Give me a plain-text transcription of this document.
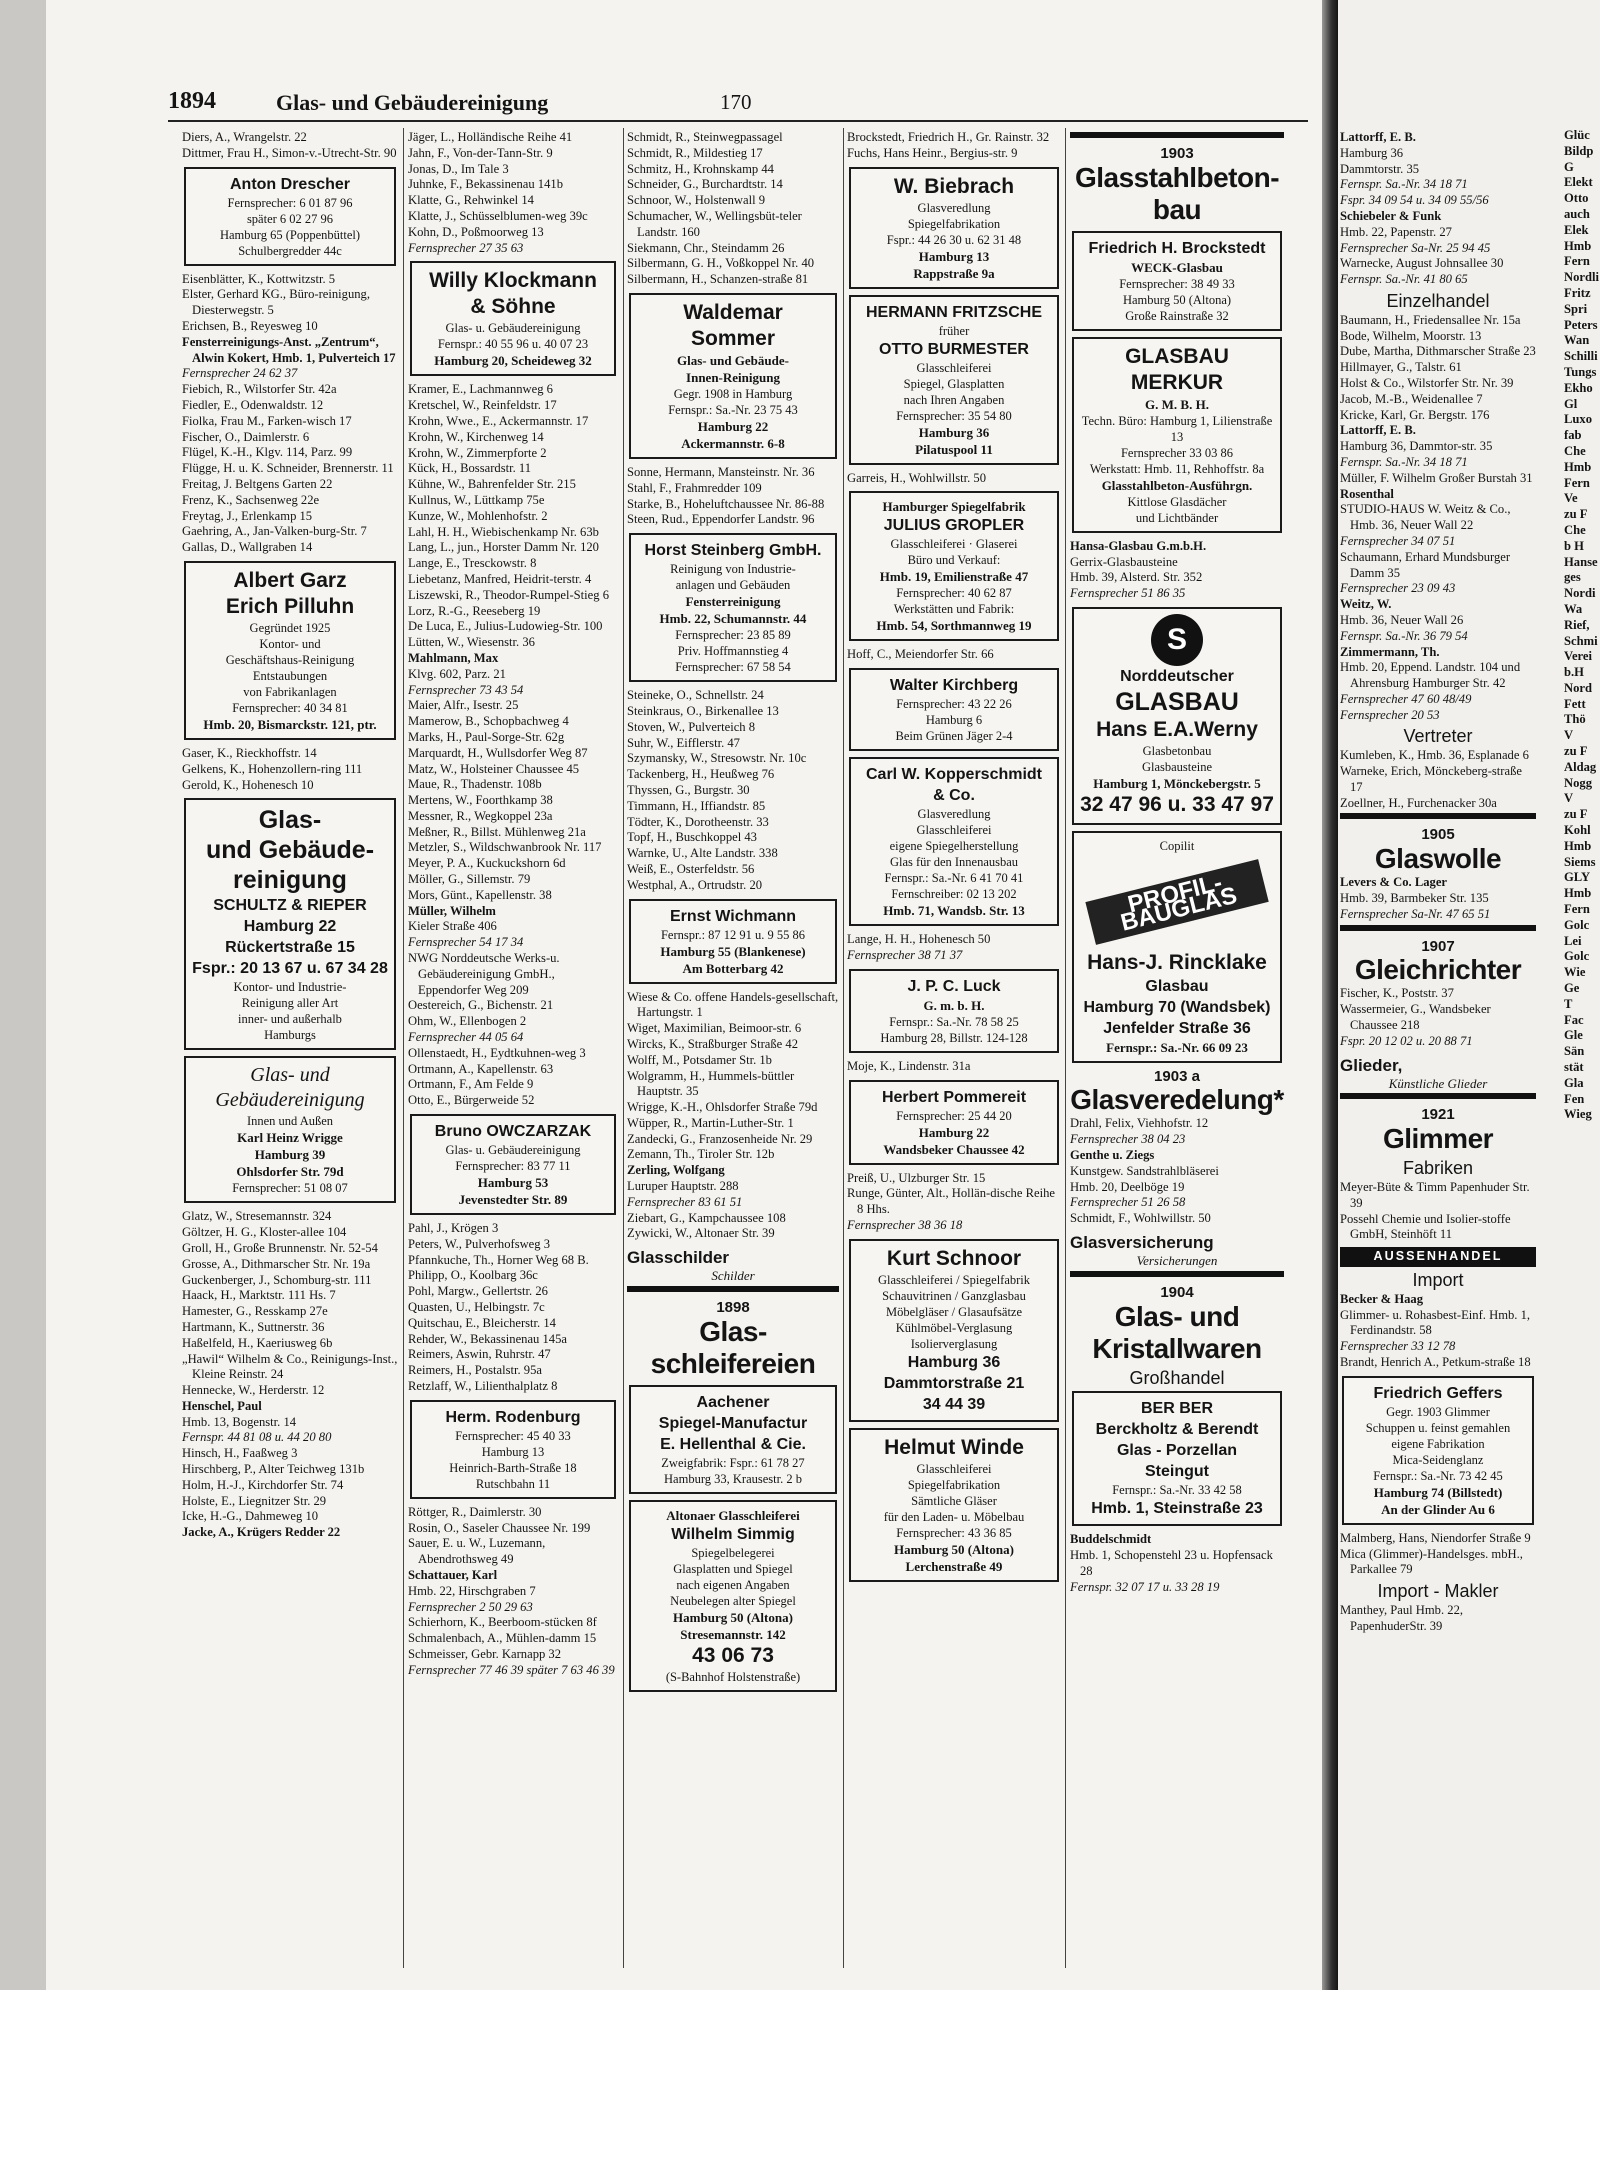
1894	Glas- und Gebäudereinigung	170

Diers, A., Wrangelstr. 22

Dittmer, Frau H., Simon-v.-Utrecht-Str. 90

Anton Drescher
Fernsprecher: 6 01 87 96
später 6 02 27 96
Hamburg 65 (Poppenbüttel)
Schulbergredder 44c

Eisenblätter, K., Kottwitzstr. 5

Elster, Gerhard KG., Büro-reinigung, Diesterwegstr. 5

Erichsen, B., Reyesweg 10

Fensterreinigungs-Anst. „Zentrum“, Alwin Kokert, Hmb. 1, Pulverteich 17

Fernsprecher 24 62 37

Fiebich, R., Wilstorfer Str. 42a

Fiedler, E., Odenwaldstr. 12

Fiolka, Frau M., Farken-wisch 17

Fischer, O., Daimlerstr. 6

Flügel, K.-H., Klgv. 114, Parz. 99

Flügge, H. u. K. Schneider, Brennerstr. 11

Freitag, J. Beltgens Garten 22

Frenz, K., Sachsenweg 22e

Freytag, J., Erlenkamp 15

Gaehring, A., Jan-Valken-burg-Str. 7

Gallas, D., Wallgraben 14

Albert Garz
Erich Pilluhn
Gegründet 1925
Kontor- und
Geschäftshaus-Reinigung
Entstaubungen
von Fabrikanlagen
Fernsprecher: 40 34 81
Hmb. 20, Bismarckstr. 121, ptr.

Gaser, K., Rieckhoffstr. 14

Gelkens, K., Hohenzollern-ring 111

Gerold, K., Hohenesch 10

Glas-
und Gebäude-
reinigung
SCHULTZ & RIEPER
Hamburg 22
Rückertstraße 15
Fspr.: 20 13 67 u. 67 34 28
Kontor- und Industrie-
Reinigung aller Art
inner- und außerhalb
Hamburgs
Glas- und
Gebäudereinigung
Innen und Außen
Karl Heinz Wrigge
Hamburg 39
Ohlsdorfer Str. 79d
Fernsprecher: 51 08 07

Glatz, W., Stresemannstr. 324

Göltzer, H. G., Kloster-allee 104

Groll, H., Große Brunnenstr. Nr. 52-54

Grosse, A., Dithmarscher Str. Nr. 19a

Guckenberger, J., Schomburg-str. 111

Haack, H., Marktstr. 111 Hs. 7

Hamester, G., Resskamp 27e

Hartmann, K., Suttnerstr. 36

Haßelfeld, H., Kaeriusweg 6b

„Hawil“ Wilhelm & Co., Reinigungs-Inst., Kleine Reinstr. 24

Hennecke, W., Herderstr. 12

Henschel, Paul

Hmb. 13, Bogenstr. 14

Fernspr. 44 81 08 u. 44 20 80

Hinsch, H., Faaßweg 3

Hirschberg, P., Alter Teichweg 131b

Holm, H.-J., Kirchdorfer Str. 74

Holste, E., Liegnitzer Str. 29

Icke, H.-G., Dahmeweg 10

Jacke, A., Krügers Redder 22

Jäger, L., Holländische Reihe 41

Jahn, F., Von-der-Tann-Str. 9

Jonas, D., Im Tale 3

Juhnke, F., Bekassinenau 141b

Klatte, G., Rehwinkel 14

Klatte, J., Schüsselblumen-weg 39c

Kohn, D., Poßmoorweg 13

Fernsprecher 27 35 63

Willy Klockmann
& Söhne
Glas- u. Gebäudereinigung
Fernspr.: 40 55 96 u. 40 07 23
Hamburg 20, Scheideweg 32

Kramer, E., Lachmannweg 6

Kretschel, W., Reinfeldstr. 17

Krohn, Wwe., E., Ackermannstr. 17

Krohn, W., Kirchenweg 14

Krohn, W., Zimmerpforte 2

Kück, H., Bossardstr. 11

Kühne, W., Bahrenfelder Str. 215

Kullnus, W., Lüttkamp 75e

Kunze, W., Mohlenhofstr. 2

Lahl, H. H., Wiebischenkamp Nr. 63b

Lang, L., jun., Horster Damm Nr. 120

Lange, E., Tresckowstr. 8

Liebetanz, Manfred, Heidrit-terstr. 4

Liszewski, R., Theodor-Rumpel-Stieg 6

Lorz, R.-G., Reeseberg 19

De Luca, E., Julius-Ludowieg-Str. 100

Lütten, W., Wiesenstr. 36

Mahlmann, Max

Klvg. 602, Parz. 21

Fernsprecher 73 43 54

Maier, Alfr., Isestr. 25

Mamerow, B., Schopbachweg 4

Marks, H., Paul-Sorge-Str. 62g

Marquardt, H., Wullsdorfer Weg 87

Matz, W., Holsteiner Chaussee 45

Maue, R., Thadenstr. 108b

Mertens, W., Foorthkamp 38

Messner, R., Wegkoppel 23a

Meßner, R., Billst. Mühlenweg 21a

Metzler, S., Wildschwanbrook Nr. 117

Meyer, P. A., Kuckuckshorn 6d

Möller, G., Sillemstr. 79

Mors, Günt., Kapellenstr. 38

Müller, Wilhelm

Kieler Straße 406

Fernsprecher 54 17 34

NWG Norddeutsche Werks-u. Gebäudereinigung GmbH., Eppendorfer Weg 209

Oestereich, G., Bichenstr. 21

Ohm, W., Ellenbogen 2

Fernsprecher 44 05 64

Ollenstaedt, H., Eydtkuhnen-weg 3

Ortmann, A., Kapellenstr. 63

Ortmann, F., Am Felde 9

Otto, E., Bürgerweide 52

Bruno OWCZARZAK
Glas- u. Gebäudereinigung
Fernsprecher: 83 77 11
Hamburg 53
Jevenstedter Str. 89

Pahl, J., Krögen 3

Peters, W., Pulverhofsweg 3

Pfannkuche, Th., Horner Weg 68 B.

Philipp, O., Koolbarg 36c

Pohl, Margw., Gellertstr. 26

Quasten, U., Helbingstr. 7c

Quitschau, E., Bleicherstr. 14

Rehder, W., Bekassinenau 145a

Reimers, Aswin, Ruhrstr. 47

Reimers, H., Postalstr. 95a

Retzlaff, W., Lilienthalplatz 8

Herm. Rodenburg
Fernsprecher: 45 40 33
Hamburg 13
Heinrich-Barth-Straße 18
Rutschbahn 11

Röttger, R., Daimlerstr. 30

Rosin, O., Saseler Chaussee Nr. 199

Sauer, E. u. W., Luzemann, Abendrothsweg 49

Schattauer, Karl

Hmb. 22, Hirschgraben 7

Fernsprecher 2 50 29 63

Schierhorn, K., Beerboom-stücken 8f

Schmalenbach, A., Mühlen-damm 15

Schmeisser, Gebr. Karnapp 32

Fernsprecher 77 46 39 später 7 63 46 39

Schmidt, R., Steinwegpassagel

Schmidt, R., Mildestieg 17

Schmitz, H., Krohnskamp 44

Schneider, G., Burchardtstr. 14

Schnoor, W., Holstenwall 9

Schumacher, W., Wellingsbüt-teler Landstr. 160

Siekmann, Chr., Steindamm 26

Silbermann, G. H., Voßkoppel Nr. 40

Silbermann, H., Schanzen-straße 81

Waldemar
Sommer
Glas- und Gebäude-
Innen-Reinigung
Gegr. 1908 in Hamburg
Fernspr.: Sa.-Nr. 23 75 43
Hamburg 22
Ackermannstr. 6-8

Sonne, Hermann, Mansteinstr. Nr. 36

Stahl, F., Frahmredder 109

Starke, B., Hoheluftchaussee Nr. 86-88

Steen, Rud., Eppendorfer Landstr. 96

Horst Steinberg GmbH.
Reinigung von Industrie-
anlagen und Gebäuden
Fensterreinigung
Hmb. 22, Schumannstr. 44
Fernsprecher: 23 85 89
Priv. Hoffmannstieg 4
Fernsprecher: 67 58 54

Steineke, O., Schnellstr. 24

Steinkraus, O., Birkenallee 13

Stoven, W., Pulverteich 8

Suhr, W., Eifflerstr. 47

Szymansky, W., Stresowstr. Nr. 10c

Tackenberg, H., Heußweg 76

Thyssen, G., Burgstr. 30

Timmann, H., Iffiandstr. 85

Tödter, K., Dorotheenstr. 33

Topf, H., Buschkoppel 43

Warnke, U., Alte Landstr. 338

Weiß, E., Osterfeldstr. 56

Westphal, A., Ortrudstr. 20

Ernst Wichmann
Fernspr.: 87 12 91 u. 9 55 86
Hamburg 55 (Blankenese)
Am Botterbarg 42

Wiese & Co. offene Handels-gesellschaft, Hartungstr. 1

Wiget, Maximilian, Beimoor-str. 6

Wircks, K., Straßburger Straße 42

Wolff, M., Potsdamer Str. 1b

Wolgramm, H., Hummels-büttler Hauptstr. 35

Wrigge, K.-H., Ohlsdorfer Straße 79d

Wüpper, R., Martin-Luther-Str. 1

Zandecki, G., Franzosenheide Nr. 29

Zemann, Th., Tiroler Str. 12b

Zerling, Wolfgang

Luruper Hauptstr. 288

Fernsprecher 83 61 51

Ziebart, G., Kampchaussee 108

Zywicki, W., Altonaer Str. 39

Glasschilder
Schilder
1898
Glas-
schleifereien
Aachener
Spiegel-Manufactur
E. Hellenthal & Cie.
Zweigfabrik: Fspr.: 61 78 27
Hamburg 33, Krausestr. 2 b
Altonaer Glasschleiferei
Wilhelm Simmig
Spiegelbelegerei
Glasplatten und Spiegel
nach eigenen Angaben
Neubelegen alter Spiegel
Hamburg 50 (Altona)
Stresemannstr. 142
43 06 73
(S-Bahnhof Holstenstraße)

Brockstedt, Friedrich H., Gr. Rainstr. 32

Fuchs, Hans Heinr., Bergius-str. 9

W. Biebrach
Glasveredlung
Spiegelfabrikation
Fspr.: 44 26 30 u. 62 31 48
Hamburg 13
Rappstraße 9a
HERMANN FRITZSCHE
früher
OTTO BURMESTER
Glasschleiferei
Spiegel, Glasplatten
nach Ihren Angaben
Fernsprecher: 35 54 80
Hamburg 36
Pilatuspool 11

Garreis, H., Wohlwillstr. 50

Hamburger Spiegelfabrik
JULIUS GROPLER
Glasschleiferei · Glaserei
Büro und Verkauf:
Hmb. 19, Emilienstraße 47
Fernsprecher: 40 62 87
Werkstätten und Fabrik:
Hmb. 54, Sorthmannweg 19

Hoff, C., Meiendorfer Str. 66

Walter Kirchberg
Fernsprecher: 43 22 26
Hamburg 6
Beim Grünen Jäger 2-4
Carl W. Kopperschmidt
& Co.
Glasveredlung
Glasschleiferei
eigene Spiegelherstellung
Glas für den Innenausbau
Fernspr.: Sa.-Nr. 6 41 70 41
Fernschreiber: 02 13 202
Hmb. 71, Wandsb. Str. 13

Lange, H. H., Hohenesch 50

Fernsprecher 38 71 37

J. P. C. Luck
G. m. b. H.
Fernspr.: Sa.-Nr. 78 58 25
Hamburg 28, Billstr. 124-128

Moje, K., Lindenstr. 31a

Herbert Pommereit
Fernsprecher: 25 44 20
Hamburg 22
Wandsbeker Chaussee 42

Preiß, U., Ulzburger Str. 15

Runge, Günter, Alt., Hollän-dische Reihe 8 Hhs.

Fernsprecher 38 36 18

Kurt Schnoor
Glasschleiferei / Spiegelfabrik
Schauvitrinen / Ganzglasbau
Möbelgläser / Glasaufsätze
Kühlmöbel-Verglasung
Isolierverglasung
Hamburg 36
Dammtorstraße 21
34 44 39
Helmut Winde
Glasschleiferei
Spiegelfabrikation
Sämtliche Gläser
für den Laden- u. Möbelbau
Fernsprecher: 43 36 85
Hamburg 50 (Altona)
Lerchenstraße 49
1903
Glasstahlbeton-
bau
Friedrich H. Brockstedt
WECK-Glasbau
Fernsprecher: 38 49 33
Hamburg 50 (Altona)
Große Rainstraße 32
GLASBAU MERKUR
G. M. B. H.
Techn. Büro: Hamburg 1, Lilienstraße 13
Fernsprecher 33 03 86
Werkstatt: Hmb. 11, Rehhoffstr. 8a
Glasstahlbeton-Ausführgn.
Kittlose Glasdächer
und Lichtbänder

Hansa-Glasbau G.m.b.H.

Gerrix-Glasbausteine

Hmb. 39, Alsterd. Str. 352

Fernsprecher 51 86 35

S
Norddeutscher
GLASBAU
Hans E.A.Werny
Glasbetonbau
Glasbausteine
Hamburg 1, Mönckebergstr. 5
32 47 96 u. 33 47 97
Copilit
PROFIL-BAUGLAS
Hans-J. Rincklake
Glasbau
Hamburg 70 (Wandsbek)
Jenfelder Straße 36
Fernspr.: Sa.-Nr. 66 09 23
1903 a
Glasveredelung*

Drahl, Felix, Viehhofstr. 12

Fernsprecher 38 04 23

Genthe u. Ziegs

Kunstgew. Sandstrahlbläserei

Hmb. 20, Deelböge 19

Fernsprecher 51 26 58

Schmidt, F., Wohlwillstr. 50

Glasversicherung
Versicherungen
1904
Glas- und
Kristallwaren
Großhandel
BER BER
Berckholtz & Berendt
Glas - Porzellan
Steingut
Fernspr.: Sa.-Nr. 33 42 58
Hmb. 1, Steinstraße 23

Buddelschmidt

Hmb. 1, Schopenstehl 23 u. Hopfensack 28

Fernspr. 32 07 17 u. 33 28 19

Lattorff, E. B.

Hamburg 36

Dammtorstr. 35

Fernspr. Sa.-Nr. 34 18 71

Fspr. 34 09 54 u. 34 09 55/56

Schiebeler & Funk

Hmb. 22, Papenstr. 27

Fernsprecher Sa-Nr. 25 94 45

Warnecke, August Johnsallee 30

Fernspr. Sa.-Nr. 41 80 65

Einzelhandel

Baumann, H., Friedensallee Nr. 15a

Bode, Wilhelm, Moorstr. 13

Dube, Martha, Dithmarscher Straße 23

Hillmayer, G., Talstr. 61

Holst & Co., Wilstorfer Str. Nr. 39

Jacob, M.-B., Weidenallee 7

Kricke, Karl, Gr. Bergstr. 176

Lattorff, E. B.

Hamburg 36, Dammtor-str. 35

Fernspr. Sa.-Nr. 34 18 71

Müller, F. Wilhelm Großer Burstah 31

Rosenthal

STUDIO-HAUS W. Weitz & Co., Hmb. 36, Neuer Wall 22

Fernsprecher 34 07 51

Schaumann, Erhard Mundsburger Damm 35

Fernsprecher 23 09 43

Weitz, W.

Hmb. 36, Neuer Wall 26

Fernspr. Sa.-Nr. 36 79 54

Zimmermann, Th.

Hmb. 20, Eppend. Landstr. 104 und Ahrensburg Hamburger Str. 42

Fernsprecher 47 60 48/49

Fernsprecher 20 53

Vertreter

Kumleben, K., Hmb. 36, Esplanade 6

Warneke, Erich, Mönckeberg-straße 17

Zoellner, H., Furchenacker 30a

1905
Glaswolle

Levers & Co. Lager

Hmb. 39, Barmbeker Str. 135

Fernsprecher Sa-Nr. 47 65 51

1907
Gleichrichter

Fischer, K., Poststr. 37

Wassermeier, G., Wandsbeker Chaussee 218

Fspr. 20 12 02 u. 20 88 71

Glieder,
Künstliche Glieder
1921
Glimmer
Fabriken

Meyer-Büte & Timm Papenhuder Str. 39

Possehl Chemie und Isolier-stoffe GmbH, Steinhöft 11

AUSSENHANDEL
Import

Becker & Haag

Glimmer- u. Rohasbest-Einf. Hmb. 1, Ferdinandstr. 58

Fernsprecher 33 12 78

Brandt, Henrich A., Petkum-straße 18

Friedrich Geffers
Gegr. 1903 Glimmer
Schuppen u. feinst gemahlen
eigene Fabrikation
Mica-Seidenglanz
Fernspr.: Sa.-Nr. 73 42 45
Hamburg 74 (Billstedt)
An der Glinder Au 6

Malmberg, Hans, Niendorfer Straße 9

Mica (Glimmer)-Handelsges. mbH., Parkallee 79

Import - Makler

Manthey, Paul Hmb. 22, PapenhuderStr. 39

Glüc
Bildp
G
Elekt
Otto
auch
Elek
Hmb
Fern
Nordli
Fritz
Spri
Peters
Wan
Schilli
Tungs
Ekho
Gl
Luxo
fab
Che
Hmb
Fern
Ve
zu F
Che
b H
Hanse
ges
Nordi
Wa
Rief,
Schmi
Verei
b.H
Nord
Fett
Thö
V
zu F
Aldag
Nogg
V
zu F
Kohl
Hmb
Siems
GLY
Hmb
Fern
Golc
Lei
Golc
Wie
Ge
T
Fac
Gle
Sän
stät
Gla
Fen
Wieg
